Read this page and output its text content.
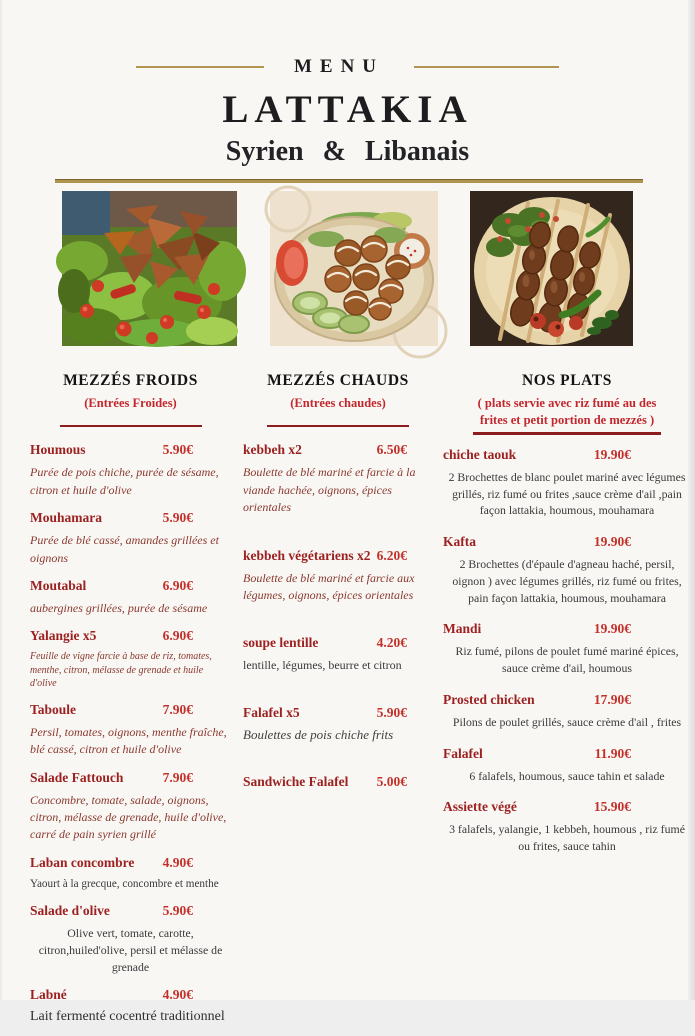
MENU
LATTAKIA
Syrien & Libanais
MEZZÉS FROIDS
(Entrées Froides)
Houmous	5.90€
Purée de pois chiche, purée de sésame, citron et huile d'olive
Mouhamara	5.90€
Purée de blé cassé, amandes grillées et oignons
Moutabal	6.90€
aubergines grillées, purée de sésame
Yalangie x5	6.90€
Feuille de vigne farcie à base de riz, tomates, menthe, citron, mélasse de grenade et huile d'olive
Taboule	7.90€
Persil, tomates, oignons, menthe fraîche, blé cassé, citron et huile d'olive
Salade Fattouch	7.90€
Concombre, tomate, salade, oignons, citron, mélasse de grenade, huile d'olive, carré de pain syrien grillé
Laban concombre 4.90€
Yaourt à la grecque, concombre et menthe
Salade d'olive	5.90€
Olive vert, tomate, carotte, citron,huiled'olive, persil et mélasse de grenade
Labné	4.90€
Lait fermenté cocentré traditionnel
MEZZÉS CHAUDS
(Entrées chaudes)
kebbeh x2	6.50€
Boulette de blé mariné et farcie à la viande hachée, oignons, épices orientales
kebbeh végétariens x2 6.20€
Boulette de blé mariné et farcie aux légumes, oignons, épices orientales
soupe lentille	4.20€
lentille, légumes, beurre et citron
Falafel x5	5.90€
Boulettes de pois chiche frits
Sandwiche Falafel 5.00€
NOS PLATS
( plats servie avec riz fumé au des frites et petit portion de mezzés )
chiche taouk	19.90€
2 Brochettes de blanc poulet mariné avec légumes grillés, riz fumé ou frites ,sauce crème d'ail ,pain façon lattakia, houmous, mouhamara
Kafta	19.90€
2 Brochettes (d'épaule d'agneau haché, persil, oignon ) avec légumes grillés, riz fumé ou frites, pain façon lattakia, houmous, mouhamara
Mandi	19.90€
Riz fumé, pilons de poulet fumé mariné épices, sauce crème d'ail, houmous
Prosted chicken	17.90€
Pilons de poulet grillés, sauce crème d'ail , frites
Falafel	11.90€
6 falafels, houmous, sauce tahin et salade
Assiette végé	15.90€
3 falafels, yalangie, 1 kebbeh, houmous , riz fumé ou frites, sauce tahin
